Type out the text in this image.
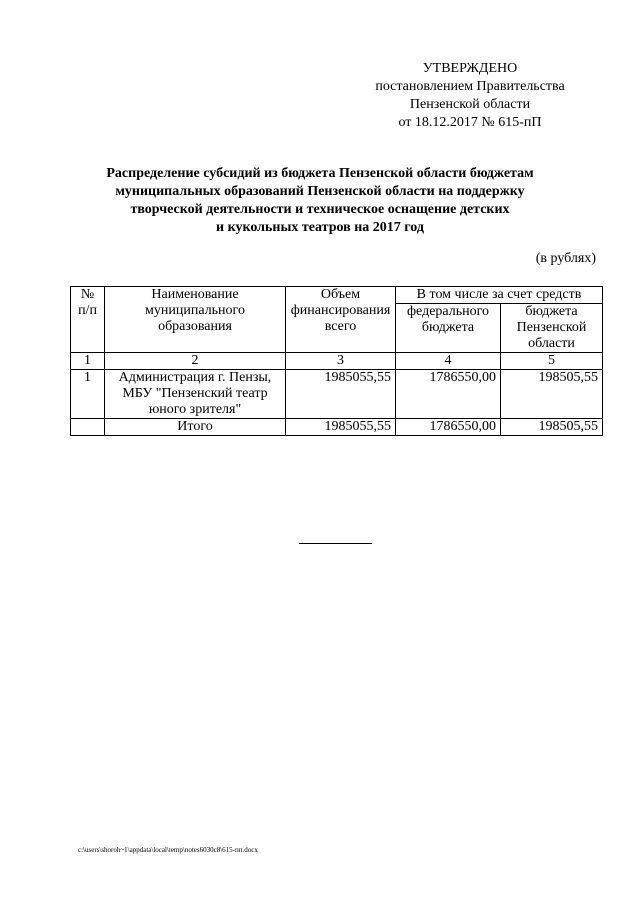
УТВЕРЖДЕНО
постановлением Правительства
Пензенской области
от 18.12.2017 № 615-пП
Распределение субсидий из бюджета Пензенской области бюджетам
муниципальных образований Пензенской области на поддержку
творческой деятельности и техническое оснащение детских
и кукольных театров на 2017 год
(в рублях)
№ п/п	Наименование муниципального образования	Объем финансирования всего	В том числе за счет средств	
			федерального бюджета	бюджета Пензенской области
1	2	3	4	5
1	Администрация г. Пензы, МБУ "Пензенский театр юного зрителя"	1985055,55	1786550,00	198505,55
	Итого	1985055,55	1786550,00	198505,55
c:\users\shoroh~1\appdata\local\temp\notes6030c8\615-пп.docx
